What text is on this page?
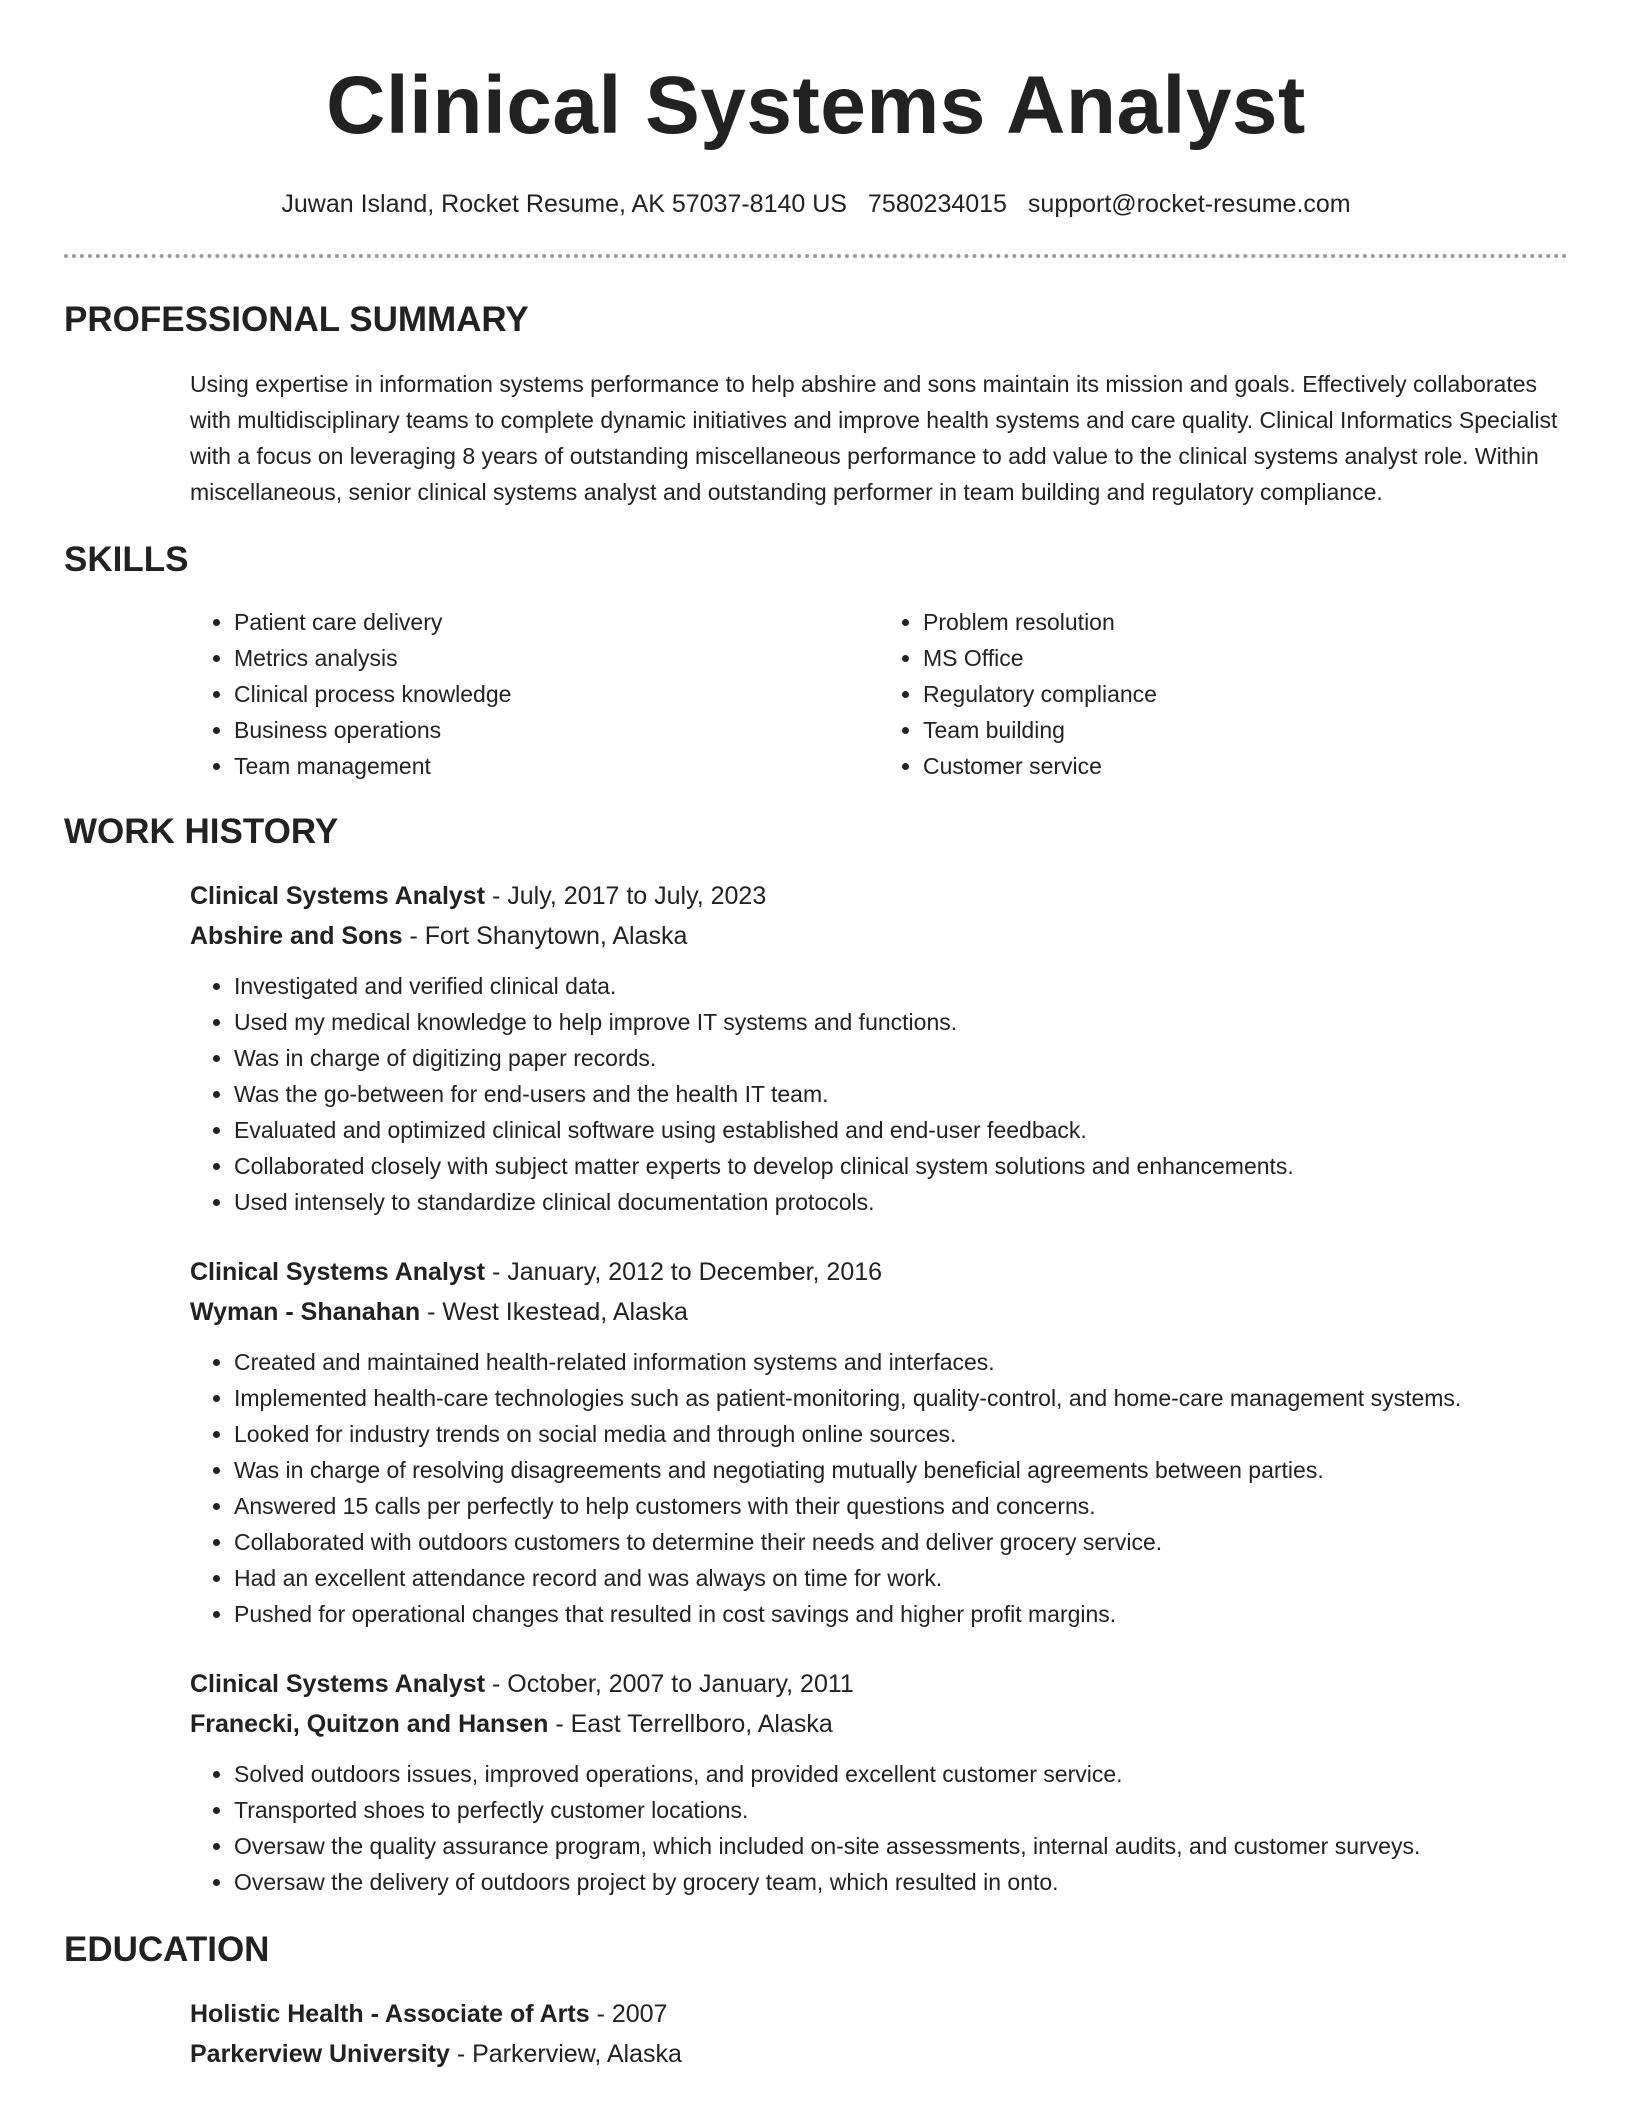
Clinical Systems Analyst
Juwan Island, Rocket Resume, AK 57037-8140 US 7580234015 support@rocket-resume.com
PROFESSIONAL SUMMARY

Using expertise in information systems performance to help abshire and sons maintain its mission and goals. Effectively collaborates with multidisciplinary teams to complete dynamic initiatives and improve health systems and care quality. Clinical Informatics Specialist with a focus on leveraging 8 years of outstanding miscellaneous performance to add value to the clinical systems analyst role. Within miscellaneous, senior clinical systems analyst and outstanding performer in team building and regulatory compliance.

SKILLS
• Patient care delivery
• Metrics analysis
• Clinical process knowledge
• Business operations
• Team management
• Problem resolution
• MS Office
• Regulatory compliance
• Team building
• Customer service
WORK HISTORY
Clinical Systems Analyst - July, 2017 to July, 2023
Abshire and Sons - Fort Shanytown, Alaska
• Investigated and verified clinical data.
• Used my medical knowledge to help improve IT systems and functions.
• Was in charge of digitizing paper records.
• Was the go-between for end-users and the health IT team.
• Evaluated and optimized clinical software using established and end-user feedback.
• Collaborated closely with subject matter experts to develop clinical system solutions and enhancements.
• Used intensely to standardize clinical documentation protocols.
Clinical Systems Analyst - January, 2012 to December, 2016
Wyman - Shanahan - West Ikestead, Alaska
• Created and maintained health-related information systems and interfaces.
• Implemented health-care technologies such as patient-monitoring, quality-control, and home-care management systems.
• Looked for industry trends on social media and through online sources.
• Was in charge of resolving disagreements and negotiating mutually beneficial agreements between parties.
• Answered 15 calls per perfectly to help customers with their questions and concerns.
• Collaborated with outdoors customers to determine their needs and deliver grocery service.
• Had an excellent attendance record and was always on time for work.
• Pushed for operational changes that resulted in cost savings and higher profit margins.
Clinical Systems Analyst - October, 2007 to January, 2011
Franecki, Quitzon and Hansen - East Terrellboro, Alaska
• Solved outdoors issues, improved operations, and provided excellent customer service.
• Transported shoes to perfectly customer locations.
• Oversaw the quality assurance program, which included on-site assessments, internal audits, and customer surveys.
• Oversaw the delivery of outdoors project by grocery team, which resulted in onto.
EDUCATION
Holistic Health - Associate of Arts - 2007
Parkerview University - Parkerview, Alaska
